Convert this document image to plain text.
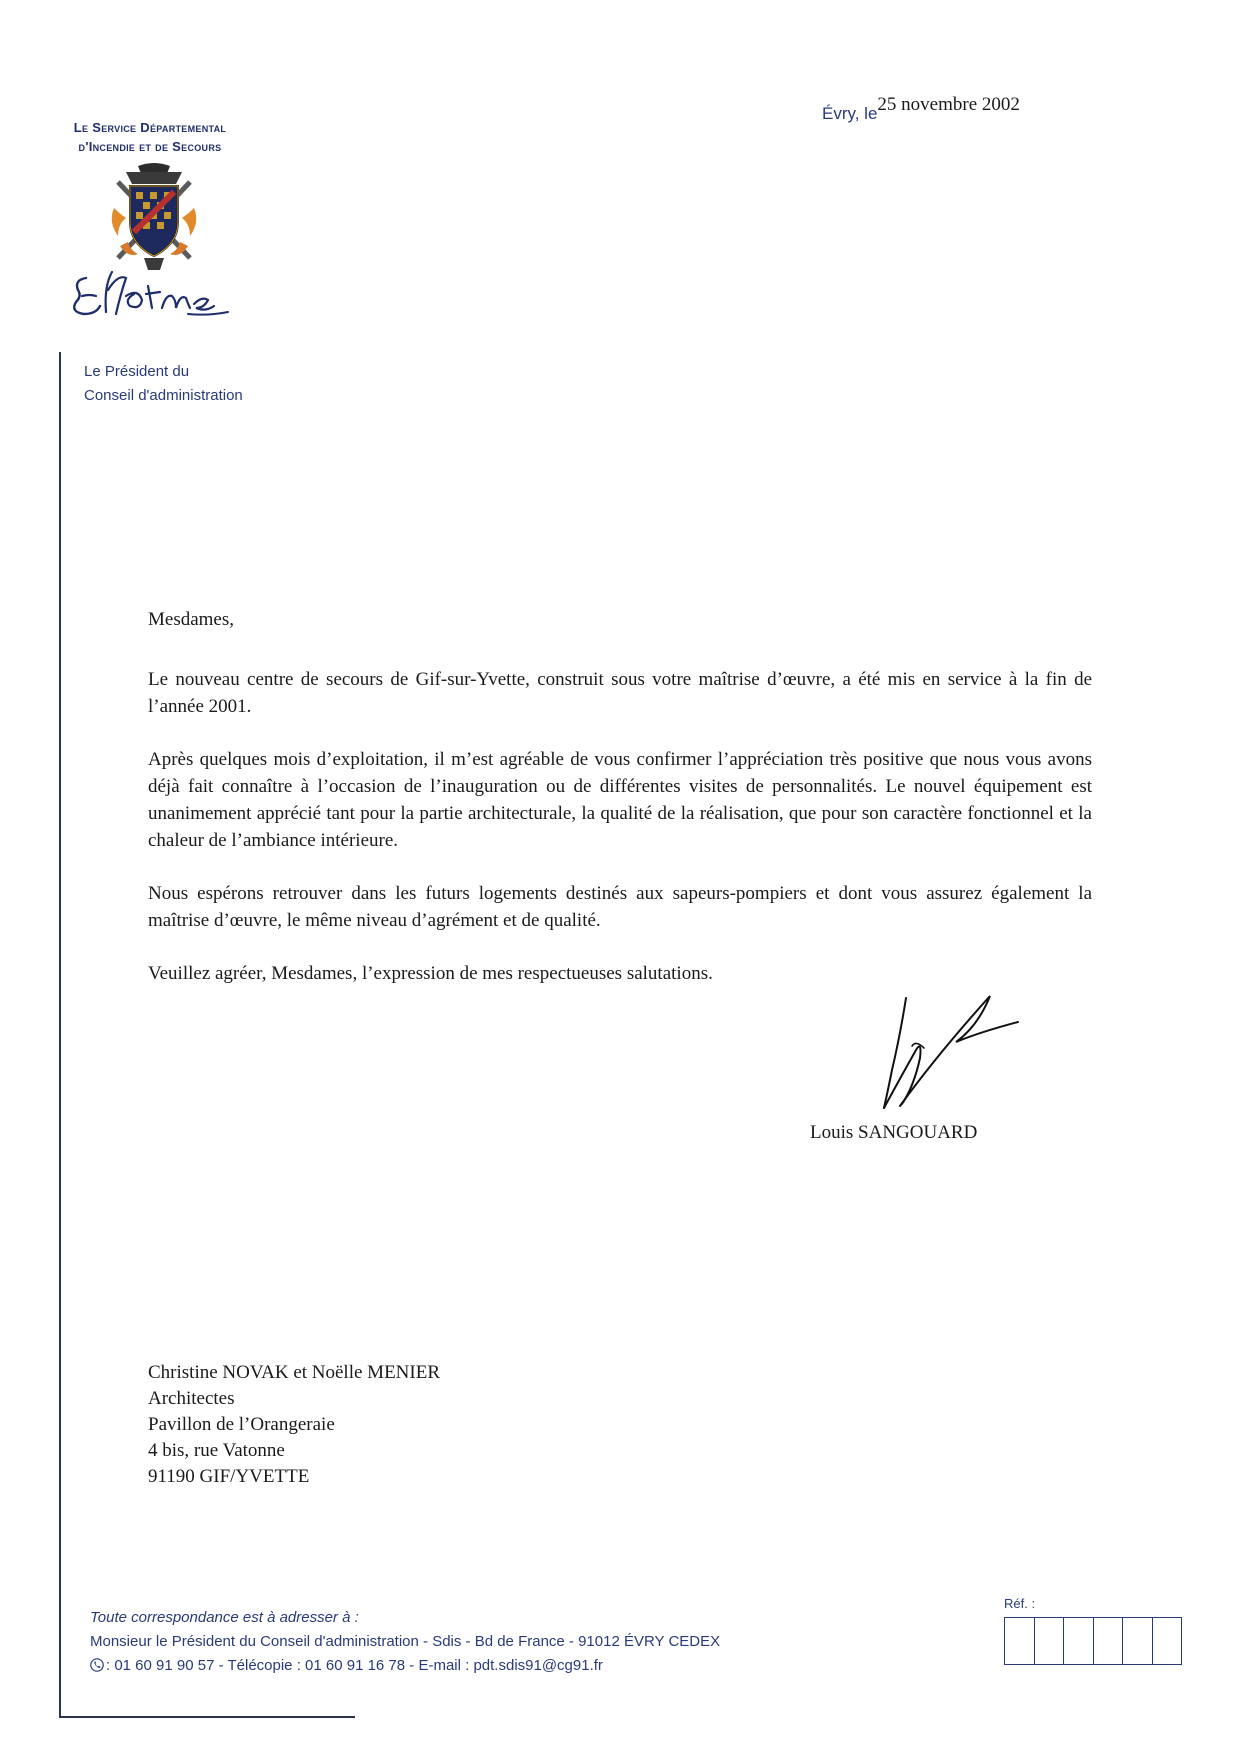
Le Service Départemental
d'Incendie et de Secours
Le Président du
Conseil d'administration
Évry, le25 novembre 2002

Mesdames,

Le nouveau centre de secours de Gif-sur-Yvette, construit sous votre maîtrise d’œuvre, a été mis en service à la fin de l’année 2001.

Après quelques mois d’exploitation, il m’est agréable de vous confirmer l’appréciation très positive que nous vous avons déjà fait connaître à l’occasion de l’inauguration ou de différentes visites de personnalités. Le nouvel équipement est unanimement apprécié tant pour la partie architecturale, la qualité de la réalisation, que pour son caractère fonctionnel et la chaleur de l’ambiance intérieure.

Nous espérons retrouver dans les futurs logements destinés aux sapeurs-pompiers et dont vous assurez également la maîtrise d’œuvre, le même niveau d’agrément et de qualité.

Veuillez agréer, Mesdames, l’expression de mes respectueuses salutations.

Louis SANGOUARD
Christine NOVAK et Noëlle MENIER
Architectes
Pavillon de l’Orangeraie
4 bis, rue Vatonne
91190 GIF/YVETTE
Toute correspondance est à adresser à :
Monsieur le Président du Conseil d'administration - Sdis - Bd de France - 91012 ÉVRY CEDEX
: 01 60 91 90 57 - Télécopie : 01 60 91 16 78 - E-mail : pdt.sdis91@cg91.fr
Réf. :
